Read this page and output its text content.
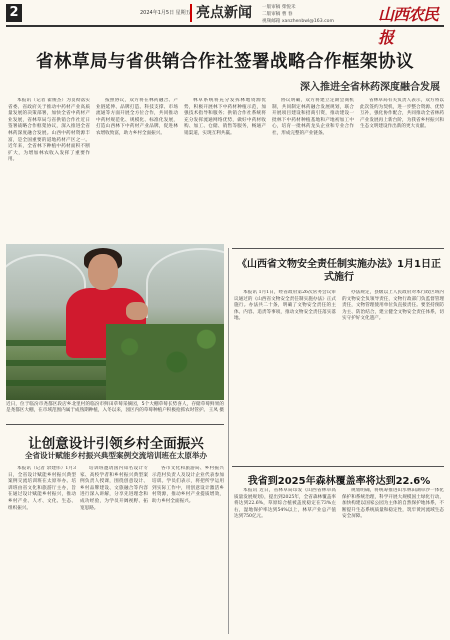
2	2024年1月5日 星期五 亮点新闻	一版审稿 柴悦禾
二版审稿 曹 春
视频邮箱 xanzhenbwl@163.com	山西农民报
省林草局与省供销合作社签署战略合作框架协议
深入推进全省林药深度融合发展

本报讯（记者 翟俊杰）为贯彻落实省委、省政府关于推动中药材产业高质量发展的决策部署，加快全省中药材产业发展，省林草局与省供销合作社近日签署战略合作框架协议，深入推进全省林药深度融合发展。山西中药材资源丰富，是全国重要的道地药材产区之一。近年来，全省林下种植中药材面积不断扩大，为增加林农收入发挥了重要作用。

按照协议，双方将在林药融合、产业链延伸、品牌打造、科技支撑、市场流通等方面开展全方位合作，共同推动中药材规范化、规模化、标准化发展，打造山西林下中药材产业品牌，促进林农增收致富，助力乡村全面振兴。

林草系统将充分发挥林地资源优势，积极开展林下中药材种植示范，加强技术指导和服务；供销合作社系统将充分发挥流通网络优势，做好中药材收购、加工、仓储、销售等服务，畅通产销渠道，实现互利共赢。

协议明确，双方将建立定期会商机制，共同制定林药融合发展规划，联合开展项目建设和招商引资，推动建设一批林下中药材种植基地和产地初加工中心，培育一批林药龙头企业和专业合作社，形成完整的产业链条。

省林草局有关负责人表示，双方将以此次签约为契机，进一步整合资源、优势互补，强化协作配合，共同推动全省林药产业发展再上新台阶，为我省乡村振兴和生态文明建设作出新的更大贡献。

近日，位于临汾市尧都区段店乡北里村的临汾市鲜田草莓采摘园，5个大棚草莓长势喜人，存储草莓鲜果的是尧都区大棚，在市域范围内属于成熟期种植，入冬以来，园区内的草莓种植户积极抢抓农时管护。 王凤 摄
《山西省文物安全责任制实施办法》1月1日正式施行

本报讯 1月1日，经省政府第26次常务会议审议通过的《山西省文物安全责任制实施办法》正式施行。办法共二十条，明确了文物安全责任的主体、内容、追责等事项，推动文物安全责任落实落地。

办法规定，县级以上人民政府对本行政区域内的文物安全负领导责任，文物行政部门负监督管理责任，文物管理使用单位负直接责任。要坚持预防为主、防治结合，建立健全文物安全责任体系，切实守护好文化遗产。

让创意设计引领乡村全面振兴
全省设计赋能乡村振兴典型案例交流培训班在太原举办

本报讯（记者 余建伟）1月3日，全省设计赋能乡村振兴典型案例交流培训班在太原举办。培训班由省文化和旅游厅主办，旨在通过设计赋能乡村振兴，推动乡村产业、人才、文化、生态、组织振兴。

培训班邀请国内知名设计专家、高校学者和乡村振兴典型案例负责人授课，围绕创意设计、乡村品牌建设、文旅融合等内容进行深入讲解，分享先进理念和成功经验，为学员开阔视野、拓宽思路。

各市文化和旅游局、乡村振兴示范村负责人及设计企业代表参加培训。学员们表示，将把所学运用到实际工作中，用创意设计激活乡村资源，推动乡村产业提质增效，助力乡村全面振兴。

我省到2025年森林覆盖率将达到22.6%

本报讯 近日，省林草局印发《山西省林草高质量发展规划》，提出到2025年，全省森林覆盖率将达到22.6%，草原综合植被盖度稳定在73%左右，湿地保护率达到54%以上，林草产业总产值达到750亿元。

规划明确，将统筹推进山水林田湖草沙一体化保护和系统治理，科学开展大规模国土绿化行动，加快构建以国家公园为主体的自然保护地体系，不断提升生态系统质量和稳定性，筑牢黄河流域生态安全屏障。
